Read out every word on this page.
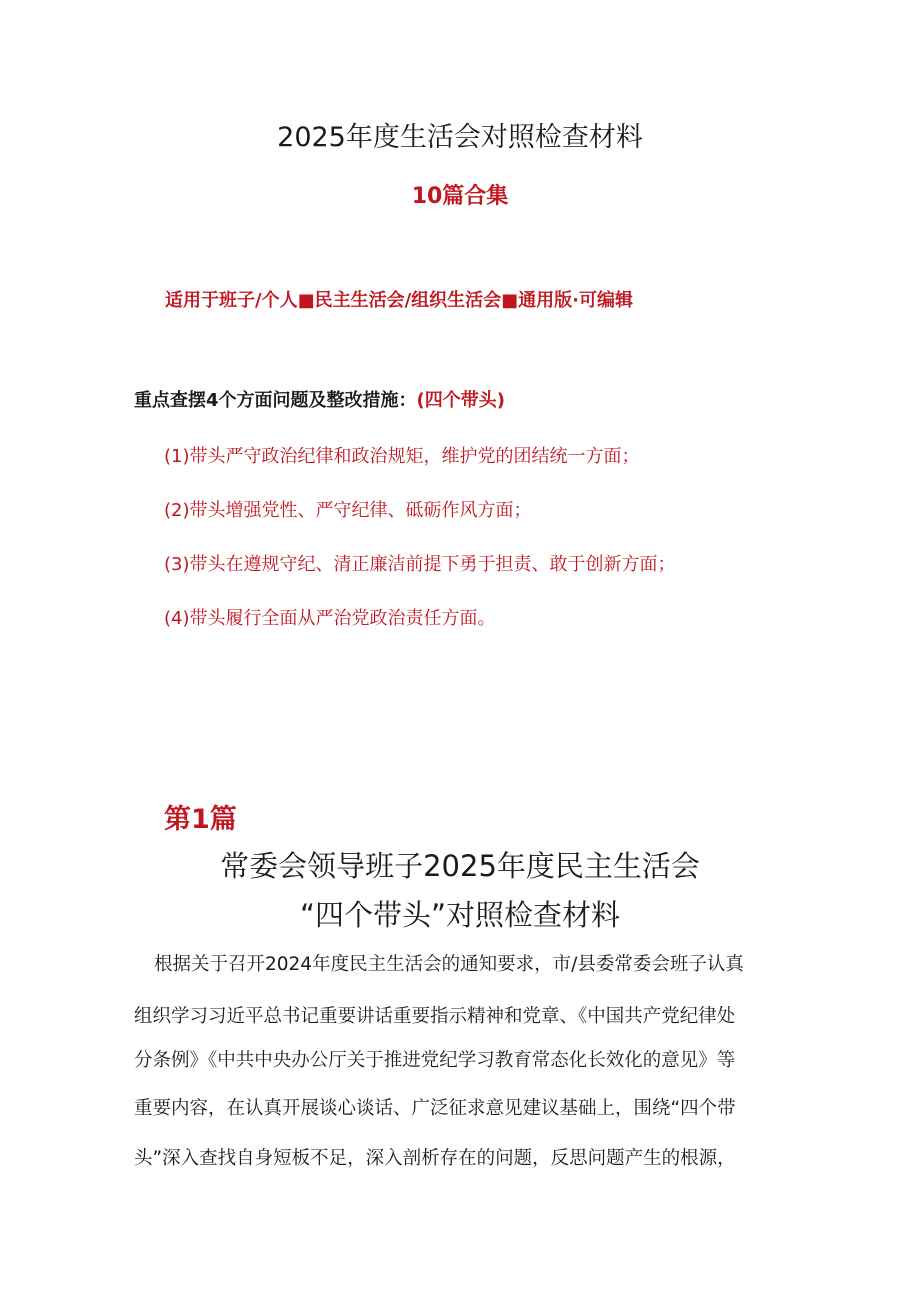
2025年度生活会对照检查材料
10篇合集
适用于班子/个人■民主生活会/组织生活会■通用版·可编辑
重点查摆4个方面问题及整改措施：(四个带头)
(1)带头严守政治纪律和政治规矩，维护党的团结统一方面；
(2)带头增强党性、严守纪律、砥砺作风方面；
(3)带头在遵规守纪、清正廉洁前提下勇于担责、敢于创新方面；
(4)带头履行全面从严治党政治责任方面。
第1篇
常委会领导班子2025年度民主生活会
“四个带头”对照检查材料
根据关于召开2024年度民主生活会的通知要求，市/县委常委会班子认真
组织学习习近平总书记重要讲话重要指示精神和党章、《中国共产党纪律处
分条例》《中共中央办公厅关于推进党纪学习教育常态化长效化的意见》等
重要内容，在认真开展谈心谈话、广泛征求意见建议基础上，围绕“四个带
头”深入查找自身短板不足，深入剖析存在的问题，反思问题产生的根源，
